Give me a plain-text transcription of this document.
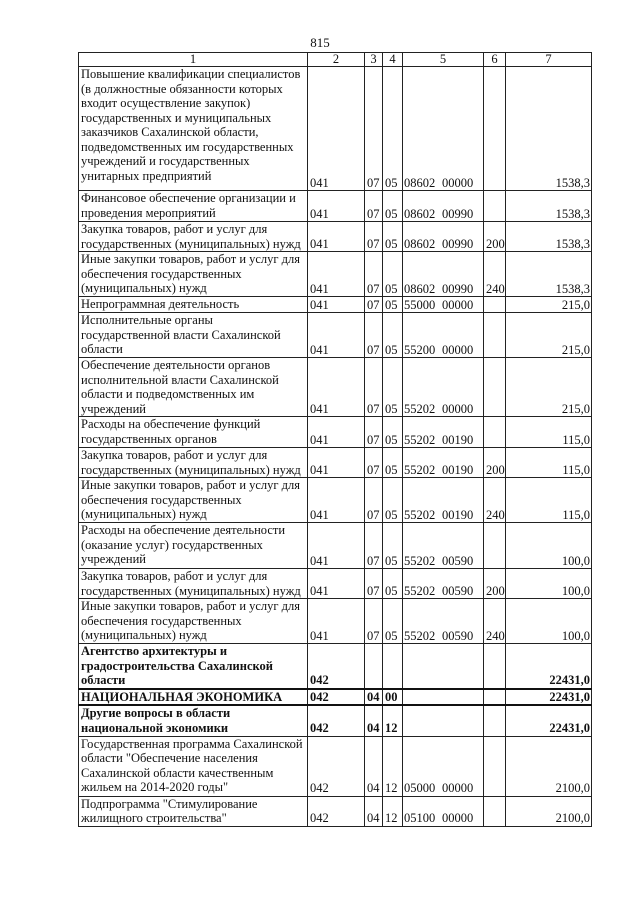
815
1	2	3	4	5	6	7
Повышение квалификации специалистов (в должностные обязанности которых входит осуществление закупок) государственных и муниципальных заказчиков Сахалинской области, подведомственных им государственных учреждений и государственных унитарных предприятий	041	07	05	08602 00000		1538,3
Финансовое обеспечение организации и проведения мероприятий	041	07	05	08602 00990		1538,3
Закупка товаров, работ и услуг для государственных (муниципальных) нужд	041	07	05	08602 00990	200	1538,3
Иные закупки товаров, работ и услуг для обеспечения государственных (муниципальных) нужд	041	07	05	08602 00990	240	1538,3
Непрограммная деятельность	041	07	05	55000 00000		215,0
Исполнительные органы государственной власти Сахалинской области	041	07	05	55200 00000		215,0
Обеспечение деятельности органов исполнительной власти Сахалинской области и подведомственных им учреждений	041	07	05	55202 00000		215,0
Расходы на обеспечение функций государственных органов	041	07	05	55202 00190		115,0
Закупка товаров, работ и услуг для государственных (муниципальных) нужд	041	07	05	55202 00190	200	115,0
Иные закупки товаров, работ и услуг для обеспечения государственных (муниципальных) нужд	041	07	05	55202 00190	240	115,0
Расходы на обеспечение деятельности (оказание услуг) государственных учреждений	041	07	05	55202 00590		100,0
Закупка товаров, работ и услуг для государственных (муниципальных) нужд	041	07	05	55202 00590	200	100,0
Иные закупки товаров, работ и услуг для обеспечения государственных (муниципальных) нужд	041	07	05	55202 00590	240	100,0
Агентство архитектуры и градостроительства Сахалинской области	042					22431,0
НАЦИОНАЛЬНАЯ ЭКОНОМИКА	042	04	00			22431,0
Другие вопросы в области национальной экономики	042	04	12			22431,0
Государственная программа Сахалинской области "Обеспечение населения Сахалинской области качественным жильем на 2014-2020 годы"	042	04	12	05000 00000		2100,0
Подпрограмма "Стимулирование жилищного строительства"	042	04	12	05100 00000		2100,0
